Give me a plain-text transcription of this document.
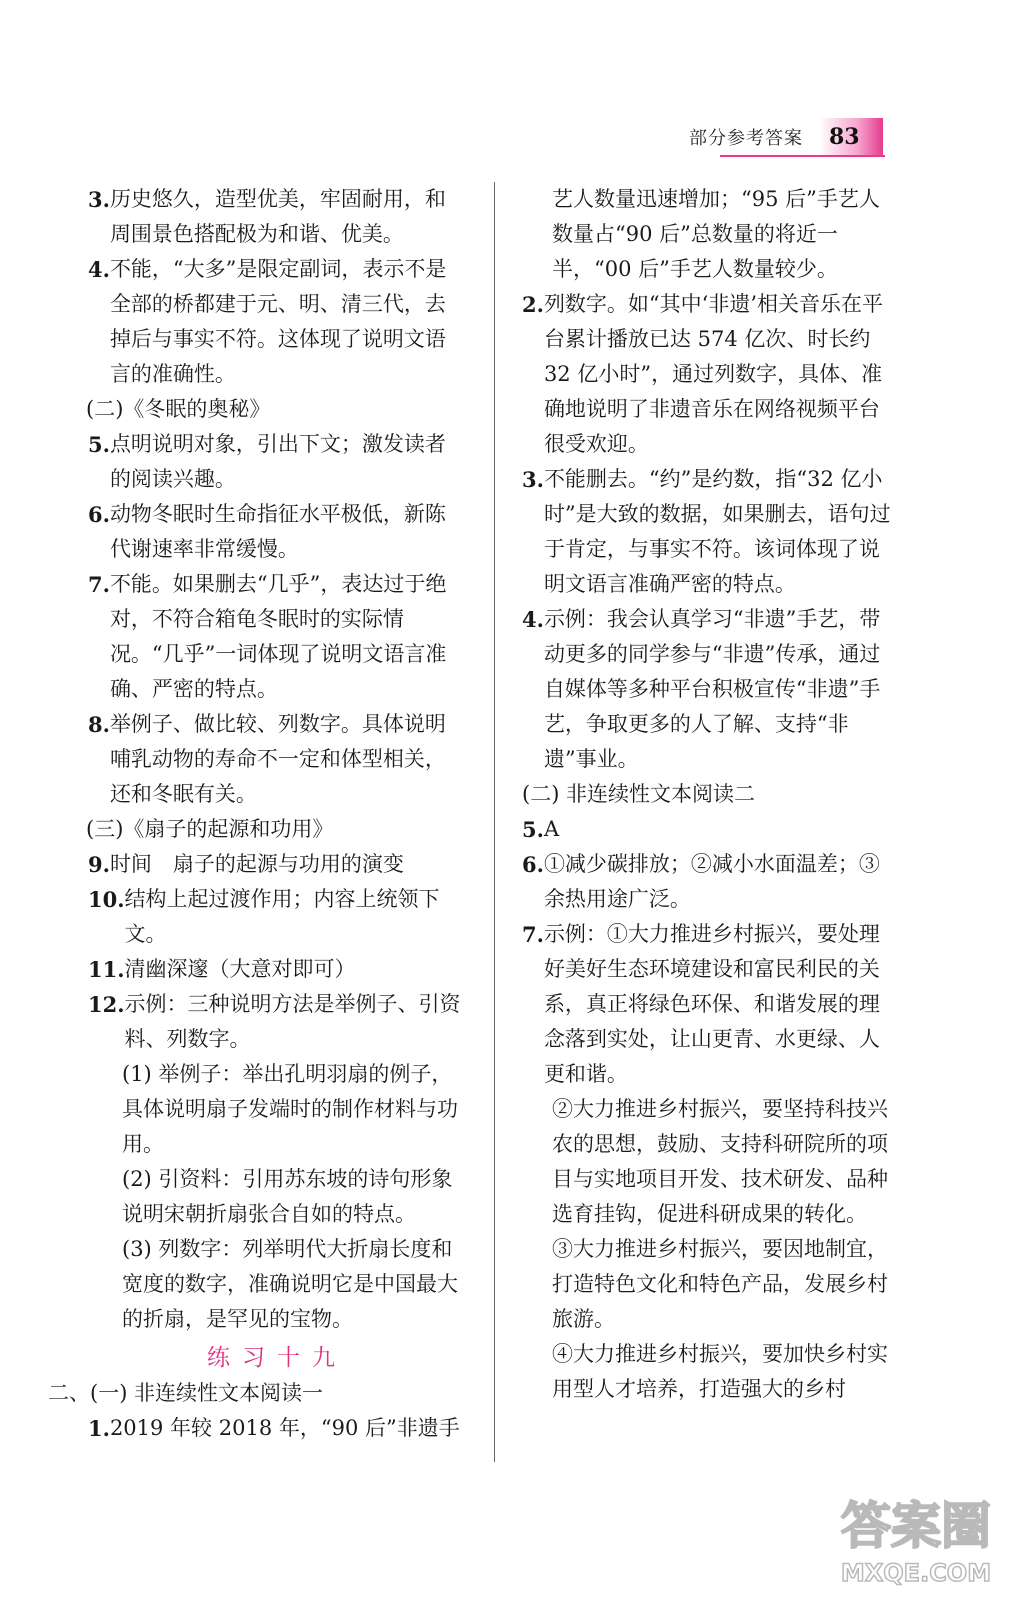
部分参考答案 83
3. 历史悠久，造型优美，牢固耐用，和周围景色搭配极为和谐、优美。
4. 不能，“大多”是限定副词，表示不是全部的桥都建于元、明、清三代，去掉后与事实不符。这体现了说明文语言的准确性。
(二)《冬眠的奥秘》
5. 点明说明对象，引出下文；激发读者的阅读兴趣。
6. 动物冬眠时生命指征水平极低，新陈代谢速率非常缓慢。
7. 不能。如果删去“几乎”，表达过于绝对，不符合箱龟冬眠时的实际情况。“几乎”一词体现了说明文语言准确、严密的特点。
8. 举例子、做比较、列数字。具体说明哺乳动物的寿命不一定和体型相关，还和冬眠有关。
(三)《扇子的起源和功用》
9. 时间　扇子的起源与功用的演变
10. 结构上起过渡作用；内容上统领下文。
11. 清幽深邃（大意对即可）
12. 示例：三种说明方法是举例子、引资料、列数字。
(1) 举例子：举出孔明羽扇的例子，具体说明扇子发端时的制作材料与功用。
(2) 引资料：引用苏东坡的诗句形象说明宋朝折扇张合自如的特点。
(3) 列数字：列举明代大折扇长度和宽度的数字，准确说明它是中国最大的折扇，是罕见的宝物。
练习十九
二、(一) 非连续性文本阅读一
1. 2019 年较 2018 年，“90 后”非遗手
艺人数量迅速增加；“95 后”手艺人数量占“90 后”总数量的将近一半，“00 后”手艺人数量较少。
2. 列数字。如“其中‘非遗’相关音乐在平台累计播放已达 574 亿次、时长约 32 亿小时”，通过列数字，具体、准确地说明了非遗音乐在网络视频平台很受欢迎。
3. 不能删去。“约”是约数，指“32 亿小时”是大致的数据，如果删去，语句过于肯定，与事实不符。该词体现了说明文语言准确严密的特点。
4. 示例：我会认真学习“非遗”手艺，带动更多的同学参与“非遗”传承，通过自媒体等多种平台积极宣传“非遗”手艺，争取更多的人了解、支持“非遗”事业。
(二) 非连续性文本阅读二
5. A
6. ①减少碳排放；②减小水面温差；③余热用途广泛。
7. 示例：①大力推进乡村振兴，要处理好美好生态环境建设和富民利民的关系，真正将绿色环保、和谐发展的理念落到实处，让山更青、水更绿、人更和谐。
②大力推进乡村振兴，要坚持科技兴农的思想，鼓励、支持科研院所的项目与实地项目开发、技术研发、品种选育挂钩，促进科研成果的转化。
③大力推进乡村振兴，要因地制宜，打造特色文化和特色产品，发展乡村旅游。
④大力推进乡村振兴，要加快乡村实用型人才培养，打造强大的乡村
答案圈
MXQE.COM
